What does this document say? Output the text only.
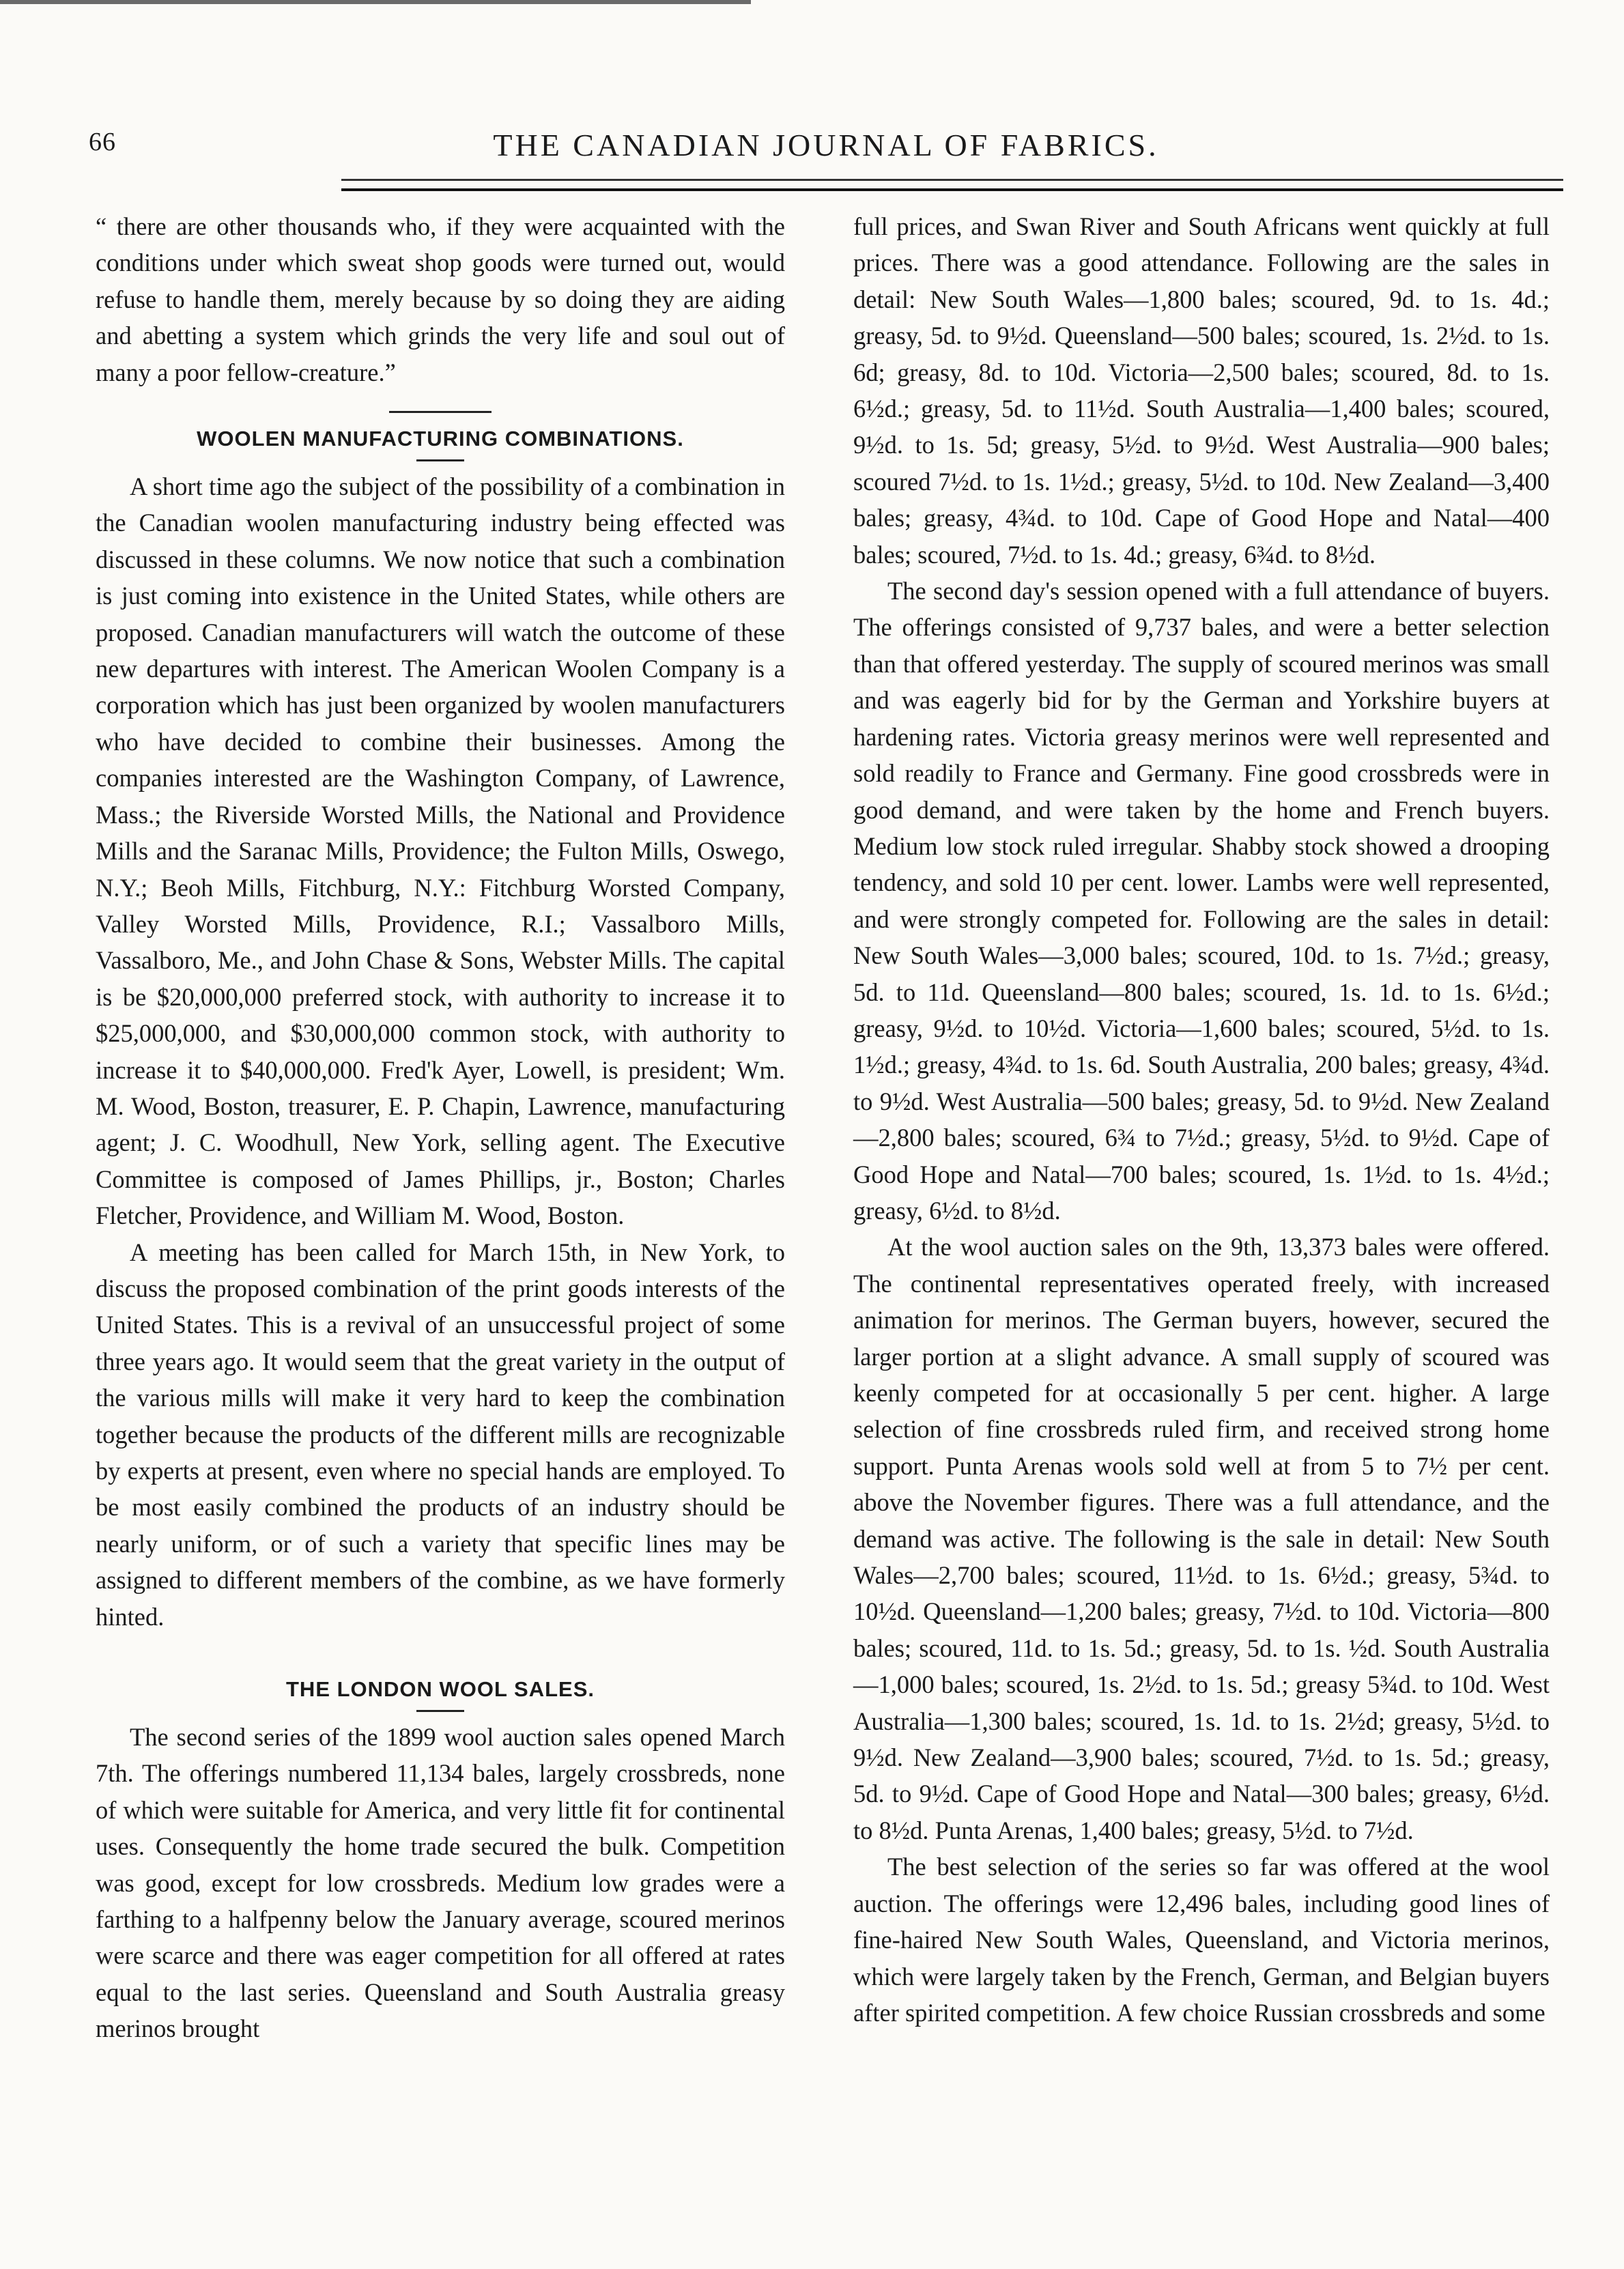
66	THE CANADIAN JOURNAL OF FABRICS.

“ there are other thousands who, if they were acquainted with the conditions under which sweat shop goods were turned out, would refuse to handle them, merely because by so doing they are aiding and abetting a system which grinds the very life and soul out of many a poor fellow-creature.”

WOOLEN MANUFACTURING COMBINATIONS.

A short time ago the subject of the possibility of a combination in the Canadian woolen manufacturing industry being effected was discussed in these columns. We now notice that such a combination is just coming into existence in the United States, while others are proposed. Canadian manufacturers will watch the outcome of these new departures with interest. The American Woolen Company is a corporation which has just been organized by woolen manufacturers who have decided to combine their businesses. Among the companies interested are the Washington Company, of Lawrence, Mass.; the Riverside Worsted Mills, the National and Providence Mills and the Saranac Mills, Providence; the Fulton Mills, Oswego, N.Y.; Beoh Mills, Fitchburg, N.Y.: Fitchburg Worsted Company, Valley Worsted Mills, Providence, R.I.; Vassalboro Mills, Vassalboro, Me., and John Chase & Sons, Webster Mills. The capital is be $20,000,000 preferred stock, with authority to increase it to $25,000,000, and $30,000,000 common stock, with authority to increase it to $40,000,000. Fred'k Ayer, Lowell, is president; Wm. M. Wood, Boston, treasurer, E. P. Chapin, Lawrence, manufacturing agent; J. C. Woodhull, New York, selling agent. The Executive Committee is composed of James Phillips, jr., Boston; Charles Fletcher, Providence, and William M. Wood, Boston.

A meeting has been called for March 15th, in New York, to discuss the proposed combination of the print goods interests of the United States. This is a revival of an unsuccessful project of some three years ago. It would seem that the great variety in the output of the various mills will make it very hard to keep the combination together because the products of the different mills are recognizable by experts at present, even where no special hands are employed. To be most easily combined the products of an industry should be nearly uniform, or of such a variety that specific lines may be assigned to different members of the combine, as we have formerly hinted.

THE LONDON WOOL SALES.

The second series of the 1899 wool auction sales opened March 7th. The offerings numbered 11,134 bales, largely crossbreds, none of which were suitable for America, and very little fit for continental uses. Consequently the home trade secured the bulk. Competition was good, except for low crossbreds. Medium low grades were a farthing to a halfpenny below the January average, scoured merinos were scarce and there was eager competition for all offered at rates equal to the last series. Queensland and South Australia greasy merinos brought

full prices, and Swan River and South Africans went quickly at full prices. There was a good attendance. Following are the sales in detail: New South Wales—1,800 bales; scoured, 9d. to 1s. 4d.; greasy, 5d. to 9½d. Queensland—500 bales; scoured, 1s. 2½d. to 1s. 6d; greasy, 8d. to 10d. Victoria—2,500 bales; scoured, 8d. to 1s. 6½d.; greasy, 5d. to 11½d. South Australia—1,400 bales; scoured, 9½d. to 1s. 5d; greasy, 5½d. to 9½d. West Australia—900 bales; scoured 7½d. to 1s. 1½d.; greasy, 5½d. to 10d. New Zealand—3,400 bales; greasy, 4¾d. to 10d. Cape of Good Hope and Natal—400 bales; scoured, 7½d. to 1s. 4d.; greasy, 6¾d. to 8½d.

The second day's session opened with a full attendance of buyers. The offerings consisted of 9,737 bales, and were a better selection than that offered yesterday. The supply of scoured merinos was small and was eagerly bid for by the German and Yorkshire buyers at hardening rates. Victoria greasy merinos were well represented and sold readily to France and Germany. Fine good crossbreds were in good demand, and were taken by the home and French buyers. Medium low stock ruled irregular. Shabby stock showed a drooping tendency, and sold 10 per cent. lower. Lambs were well represented, and were strongly competed for. Following are the sales in detail: New South Wales—3,000 bales; scoured, 10d. to 1s. 7½d.; greasy, 5d. to 11d. Queensland—800 bales; scoured, 1s. 1d. to 1s. 6½d.; greasy, 9½d. to 10½d. Victoria—1,600 bales; scoured, 5½d. to 1s. 1½d.; greasy, 4¾d. to 1s. 6d. South Australia, 200 bales; greasy, 4¾d. to 9½d. West Australia—500 bales; greasy, 5d. to 9½d. New Zealand—2,800 bales; scoured, 6¾ to 7½d.; greasy, 5½d. to 9½d. Cape of Good Hope and Natal—700 bales; scoured, 1s. 1½d. to 1s. 4½d.; greasy, 6½d. to 8½d.

At the wool auction sales on the 9th, 13,373 bales were offered. The continental representatives operated freely, with increased animation for merinos. The German buyers, however, secured the larger portion at a slight advance. A small supply of scoured was keenly competed for at occasionally 5 per cent. higher. A large selection of fine crossbreds ruled firm, and received strong home support. Punta Arenas wools sold well at from 5 to 7½ per cent. above the November figures. There was a full attendance, and the demand was active. The following is the sale in detail: New South Wales—2,700 bales; scoured, 11½d. to 1s. 6½d.; greasy, 5¾d. to 10½d. Queensland—1,200 bales; greasy, 7½d. to 10d. Victoria—800 bales; scoured, 11d. to 1s. 5d.; greasy, 5d. to 1s. ½d. South Australia—1,000 bales; scoured, 1s. 2½d. to 1s. 5d.; greasy 5¾d. to 10d. West Australia—1,300 bales; scoured, 1s. 1d. to 1s. 2½d; greasy, 5½d. to 9½d. New Zealand—3,900 bales; scoured, 7½d. to 1s. 5d.; greasy, 5d. to 9½d. Cape of Good Hope and Natal—300 bales; greasy, 6½d. to 8½d. Punta Arenas, 1,400 bales; greasy, 5½d. to 7½d.

The best selection of the series so far was offered at the wool auction. The offerings were 12,496 bales, including good lines of fine-haired New South Wales, Queensland, and Victoria merinos, which were largely taken by the French, German, and Belgian buyers after spirited competition. A few choice Russian crossbreds and some
